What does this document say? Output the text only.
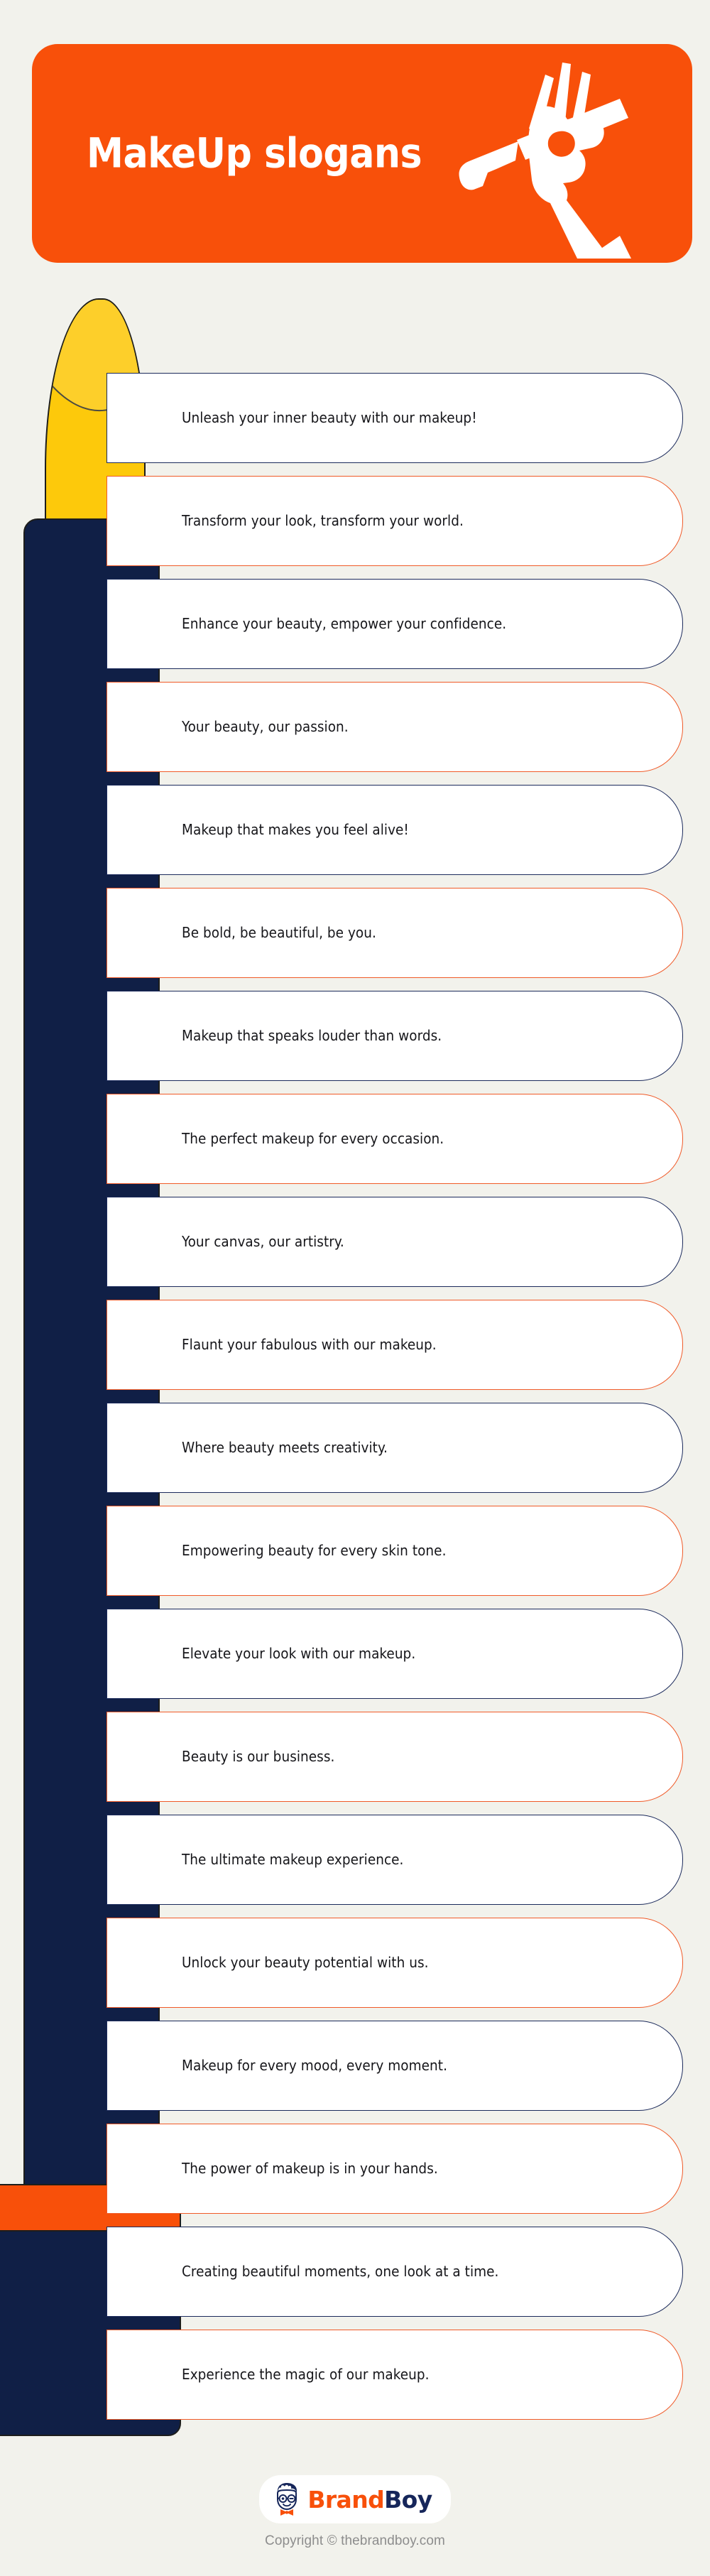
MakeUp slogans
Unleash your inner beauty with our makeup!
Transform your look, transform your world.
Enhance your beauty, empower your confidence.
Your beauty, our passion.
Makeup that makes you feel alive!
Be bold, be beautiful, be you.
Makeup that speaks louder than words.
The perfect makeup for every occasion.
Your canvas, our artistry.
Flaunt your fabulous with our makeup.
Where beauty meets creativity.
Empowering beauty for every skin tone.
Elevate your look with our makeup.
Beauty is our business.
The ultimate makeup experience.
Unlock your beauty potential with us.
Makeup for every mood, every moment.
The power of makeup is in your hands.
Creating beautiful moments, one look at a time.
Experience the magic of our makeup.
BrandBoy
Copyright © thebrandboy.com
